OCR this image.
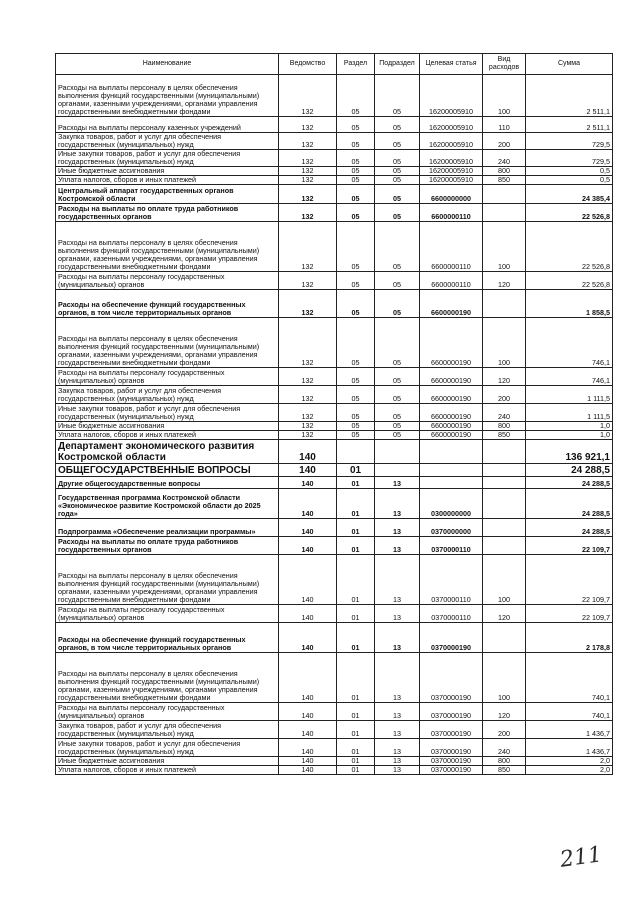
Наименование	Ведомство	Раздел	Подраздел	Целевая статья	Вид расходов	Сумма
Расходы на выплаты персоналу в целях обеспечения выполнения функций государственными (муниципальными) органами, казенными учреждениями, органами управления государственными внебюджетными фондами	132	05	05	16200005910	100	2 511,1
Расходы на выплаты персоналу казенных учреждений	132	05	05	16200005910	110	2 511,1
Закупка товаров, работ и услуг для обеспечения государственных (муниципальных) нужд	132	05	05	16200005910	200	729,5
Иные закупки товаров, работ и услуг для обеспечения государственных (муниципальных) нужд	132	05	05	16200005910	240	729,5
Иные бюджетные ассигнования	132	05	05	16200005910	800	0,5
Уплата налогов, сборов и иных платежей	132	05	05	16200005910	850	0,5
Центральный аппарат государственных органов Костромской области	132	05	05	6600000000		24 385,4
Расходы на выплаты по оплате труда работников государственных органов	132	05	05	6600000110		22 526,8
Расходы на выплаты персоналу в целях обеспечения выполнения функций государственными (муниципальными) органами, казенными учреждениями, органами управления государственными внебюджетными фондами	132	05	05	6600000110	100	22 526,8
Расходы на выплаты персоналу государственных (муниципальных) органов	132	05	05	6600000110	120	22 526,8
Расходы на обеспечение функций государственных органов, в том числе территориальных органов	132	05	05	6600000190		1 858,5
Расходы на выплаты персоналу в целях обеспечения выполнения функций государственными (муниципальными) органами, казенными учреждениями, органами управления государственными внебюджетными фондами	132	05	05	6600000190	100	746,1
Расходы на выплаты персоналу государственных (муниципальных) органов	132	05	05	6600000190	120	746,1
Закупка товаров, работ и услуг для обеспечения государственных (муниципальных) нужд	132	05	05	6600000190	200	1 111,5
Иные закупки товаров, работ и услуг для обеспечения государственных (муниципальных) нужд	132	05	05	6600000190	240	1 111,5
Иные бюджетные ассигнования	132	05	05	6600000190	800	1,0
Уплата налогов, сборов и иных платежей	132	05	05	6600000190	850	1,0
Департамент экономического развития Костромской области	140					136 921,1
ОБЩЕГОСУДАРСТВЕННЫЕ ВОПРОСЫ	140	01				24 288,5
Другие общегосударственные вопросы	140	01	13			24 288,5
Государственная программа Костромской области «Экономическое развитие Костромской области до 2025 года»	140	01	13	0300000000		24 288,5
Подпрограмма «Обеспечение реализации программы»	140	01	13	0370000000		24 288,5
Расходы на выплаты по оплате труда работников государственных органов	140	01	13	0370000110		22 109,7
Расходы на выплаты персоналу в целях обеспечения выполнения функций государственными (муниципальными) органами, казенными учреждениями, органами управления государственными внебюджетными фондами	140	01	13	0370000110	100	22 109,7
Расходы на выплаты персоналу государственных (муниципальных) органов	140	01	13	0370000110	120	22 109,7
Расходы на обеспечение функций государственных органов, в том числе территориальных органов	140	01	13	0370000190		2 178,8
Расходы на выплаты персоналу в целях обеспечения выполнения функций государственными (муниципальными) органами, казенными учреждениями, органами управления государственными внебюджетными фондами	140	01	13	0370000190	100	740,1
Расходы на выплаты персоналу государственных (муниципальных) органов	140	01	13	0370000190	120	740,1
Закупка товаров, работ и услуг для обеспечения государственных (муниципальных) нужд	140	01	13	0370000190	200	1 436,7
Иные закупки товаров, работ и услуг для обеспечения государственных (муниципальных) нужд	140	01	13	0370000190	240	1 436,7
Иные бюджетные ассигнования	140	01	13	0370000190	800	2,0
Уплата налогов, сборов и иных платежей	140	01	13	0370000190	850	2,0
211
